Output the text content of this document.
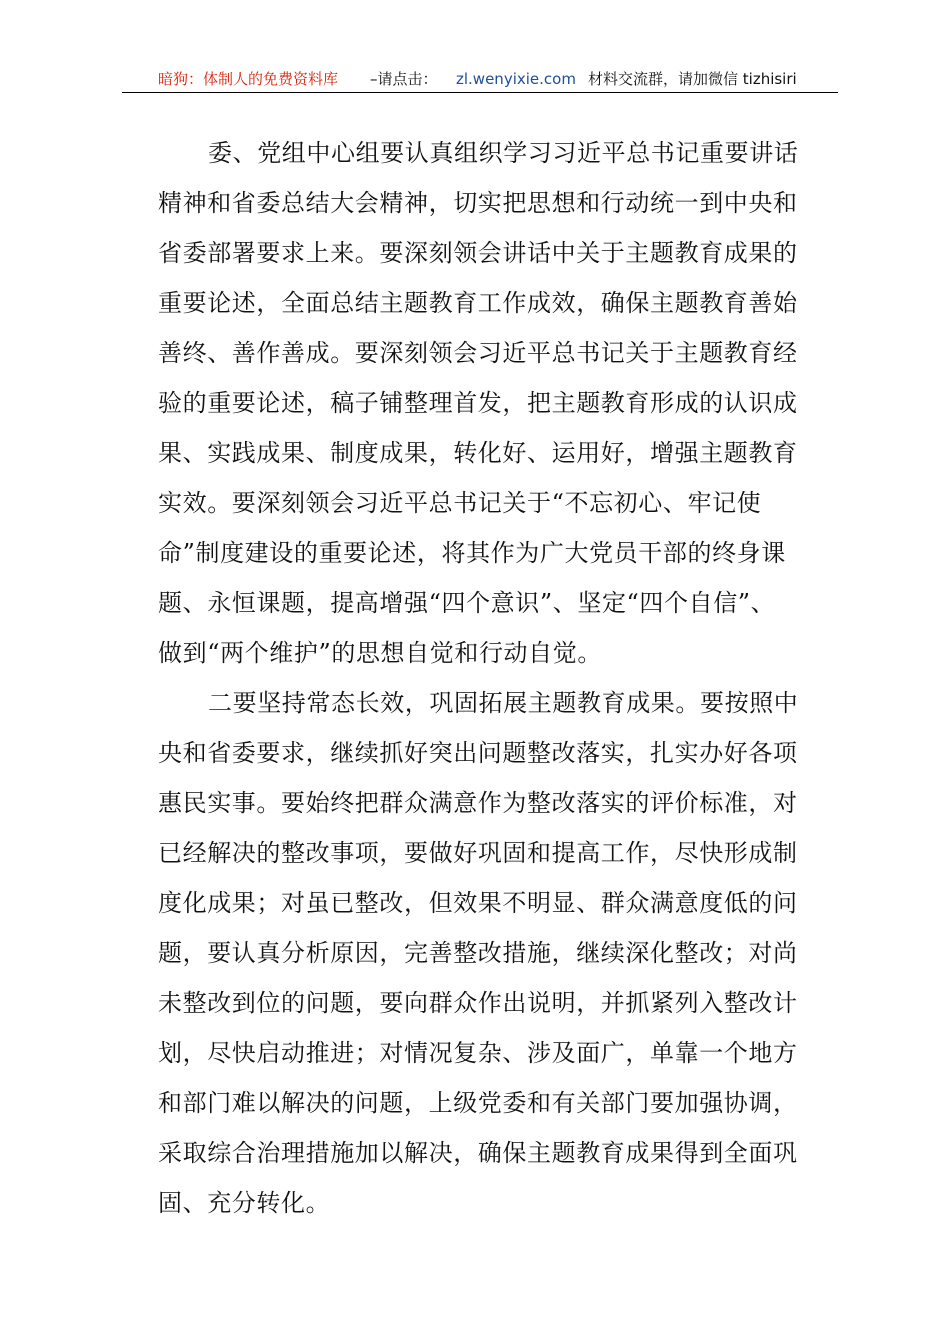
暗狗：体制人的免费资料库 –请点击： zl.wenyixie.com 材料交流群，请加微信 tizhisiri
委、党组中心组要认真组织学习习近平总书记重要讲话
精神和省委总结大会精神，切实把思想和行动统一到中央和
省委部署要求上来。要深刻领会讲话中关于主题教育成果的
重要论述，全面总结主题教育工作成效，确保主题教育善始
善终、善作善成。要深刻领会习近平总书记关于主题教育经
验的重要论述，稿子铺整理首发，把主题教育形成的认识成
果、实践成果、制度成果，转化好、运用好，增强主题教育
实效。要深刻领会习近平总书记关于“不忘初心、牢记使
命”制度建设的重要论述，将其作为广大党员干部的终身课
题、永恒课题，提高增强“四个意识”、坚定“四个自信”、
做到“两个维护”的思想自觉和行动自觉。
二要坚持常态长效，巩固拓展主题教育成果。要按照中
央和省委要求，继续抓好突出问题整改落实，扎实办好各项
惠民实事。要始终把群众满意作为整改落实的评价标准，对
已经解决的整改事项，要做好巩固和提高工作，尽快形成制
度化成果；对虽已整改，但效果不明显、群众满意度低的问
题，要认真分析原因，完善整改措施，继续深化整改；对尚
未整改到位的问题，要向群众作出说明，并抓紧列入整改计
划，尽快启动推进；对情况复杂、涉及面广，单靠一个地方
和部门难以解决的问题，上级党委和有关部门要加强协调，
采取综合治理措施加以解决，确保主题教育成果得到全面巩
固、充分转化。
